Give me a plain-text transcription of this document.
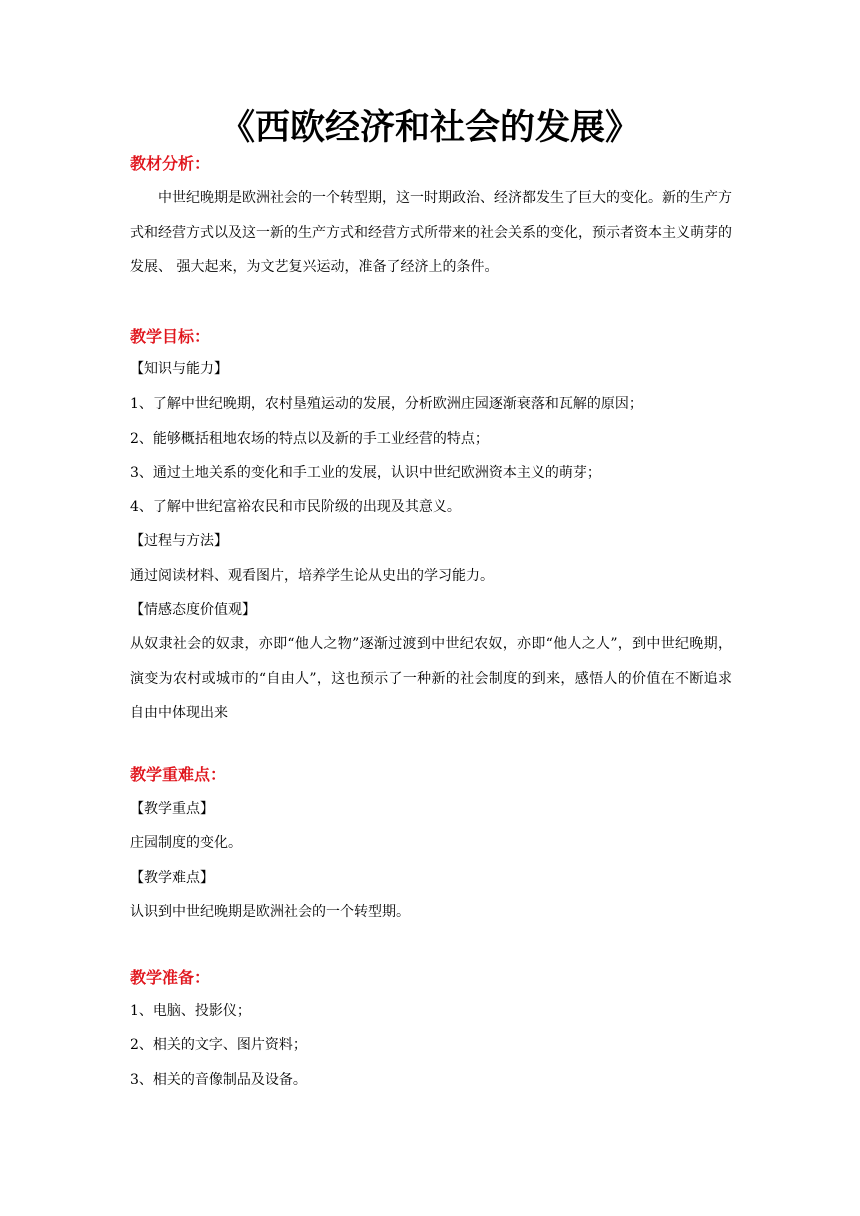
《西欧经济和社会的发展》
教材分析：

中世纪晚期是欧洲社会的一个转型期，这一时期政治、经济都发生了巨大的变化。新的生产方式和经营方式以及这一新的生产方式和经营方式所带来的社会关系的变化，预示者资本主义萌芽的发展、 强大起来，为文艺复兴运动，准备了经济上的条件。

教学目标：

【知识与能力】

1、了解中世纪晚期，农村垦殖运动的发展，分析欧洲庄园逐渐衰落和瓦解的原因；

2、能够概括租地农场的特点以及新的手工业经营的特点；

3、通过土地关系的变化和手工业的发展，认识中世纪欧洲资本主义的萌芽；

4、了解中世纪富裕农民和市民阶级的出现及其意义。

【过程与方法】

通过阅读材料、观看图片，培养学生论从史出的学习能力。

【情感态度价值观】

从奴隶社会的奴隶，亦即“他人之物”逐渐过渡到中世纪农奴，亦即“他人之人”，到中世纪晚期，演变为农村或城市的“自由人”，这也预示了一种新的社会制度的到来，感悟人的价值在不断追求自由中体现出来

教学重难点：

【教学重点】

庄园制度的变化。

【教学难点】

认识到中世纪晚期是欧洲社会的一个转型期。

教学准备：

1、电脑、投影仪；

2、相关的文字、图片资料；

3、相关的音像制品及设备。
